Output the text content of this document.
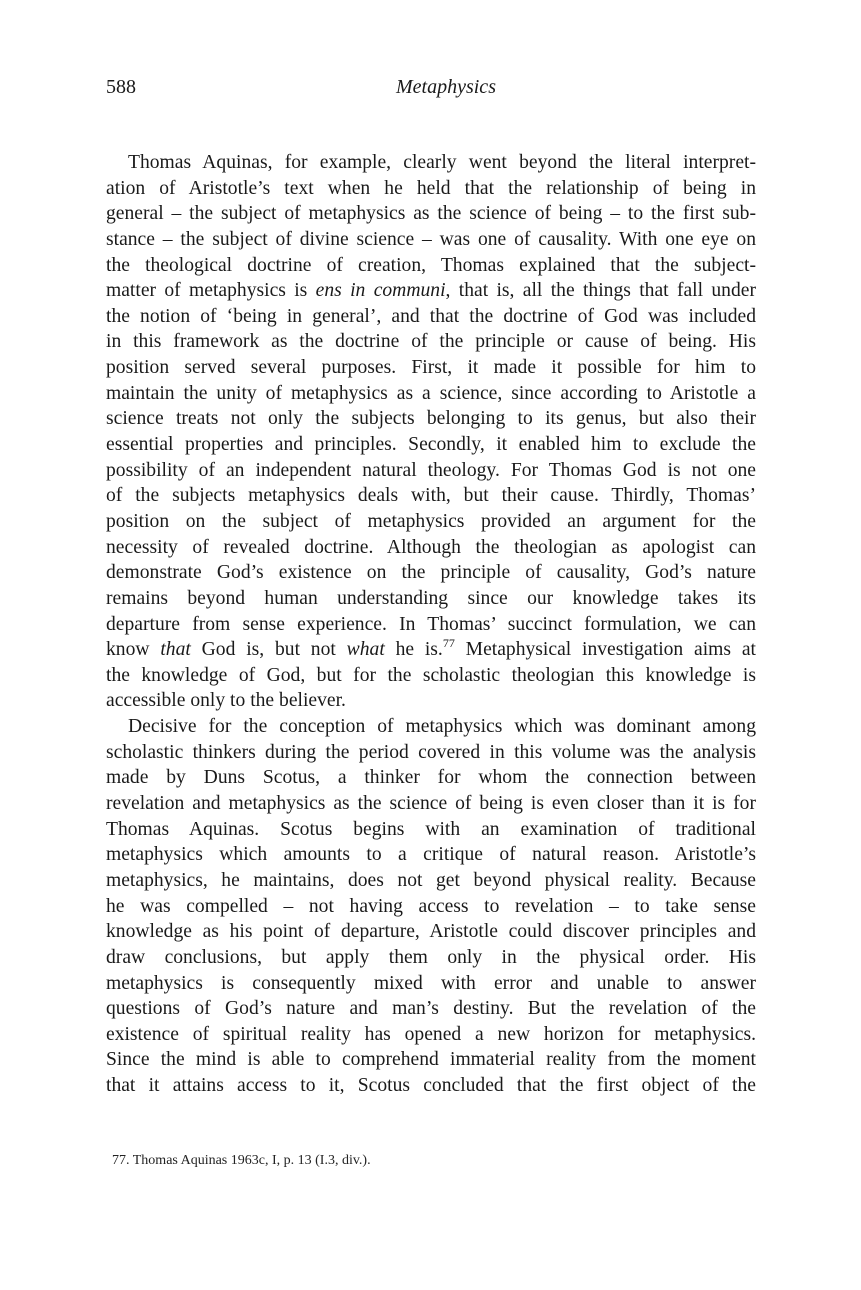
588	Metaphysics
Thomas Aquinas, for example, clearly went beyond the literal interpret-
ation of Aristotle’s text when he held that the relationship of being in
general – the subject of metaphysics as the science of being – to the first sub-
stance – the subject of divine science – was one of causality. With one eye on
the theological doctrine of creation, Thomas explained that the subject-
matter of metaphysics is ens in communi, that is, all the things that fall under
the notion of ‘being in general’, and that the doctrine of God was included
in this framework as the doctrine of the principle or cause of being. His
position served several purposes. First, it made it possible for him to
maintain the unity of metaphysics as a science, since according to Aristotle a
science treats not only the subjects belonging to its genus, but also their
essential properties and principles. Secondly, it enabled him to exclude the
possibility of an independent natural theology. For Thomas God is not one
of the subjects metaphysics deals with, but their cause. Thirdly, Thomas’
position on the subject of metaphysics provided an argument for the
necessity of revealed doctrine. Although the theologian as apologist can
demonstrate God’s existence on the principle of causality, God’s nature
remains beyond human understanding since our knowledge takes its
departure from sense experience. In Thomas’ succinct formulation, we can
know that God is, but not what he is.$^{77}$ Metaphysical investigation aims at
the knowledge of God, but for the scholastic theologian this knowledge is
accessible only to the believer.
Decisive for the conception of metaphysics which was dominant among
scholastic thinkers during the period covered in this volume was the analysis
made by Duns Scotus, a thinker for whom the connection between
revelation and metaphysics as the science of being is even closer than it is for
Thomas Aquinas. Scotus begins with an examination of traditional
metaphysics which amounts to a critique of natural reason. Aristotle’s
metaphysics, he maintains, does not get beyond physical reality. Because
he was compelled – not having access to revelation – to take sense
knowledge as his point of departure, Aristotle could discover principles and
draw conclusions, but apply them only in the physical order. His
metaphysics is consequently mixed with error and unable to answer
questions of God’s nature and man’s destiny. But the revelation of the
existence of spiritual reality has opened a new horizon for metaphysics.
Since the mind is able to comprehend immaterial reality from the moment
that it attains access to it, Scotus concluded that the first object of the
77. Thomas Aquinas 1963c, I, p. 13 (I.3, div.).
